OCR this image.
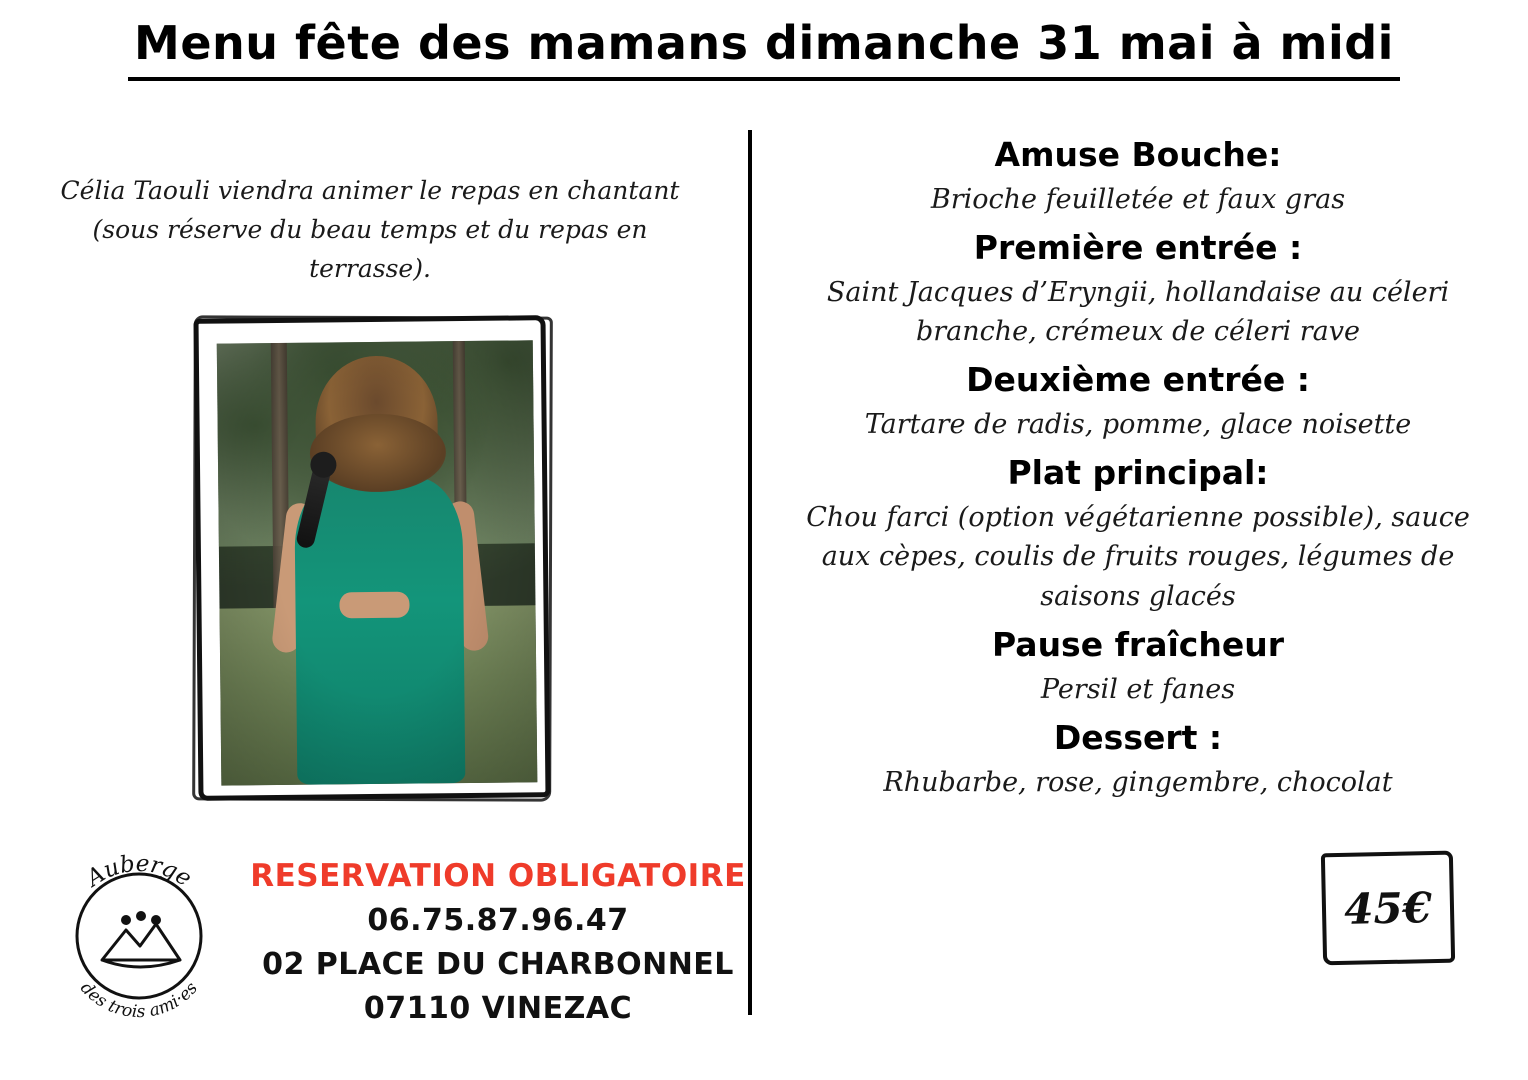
Menu fête des mamans dimanche 31 mai à midi
Célia Taouli viendra animer le repas en chantant (sous réserve du beau temps et du repas en terrasse).
Auberge
des trois ami·es
RESERVATION OBLIGATOIRE
06.75.87.96.47
02 PLACE DU CHARBONNEL
07110 VINEZAC
Amuse Bouche:
Brioche feuilletée et faux gras
Première entrée :
Saint Jacques d’Eryngii, hollandaise au céleri branche, crémeux de céleri rave
Deuxième entrée :
Tartare de radis, pomme, glace noisette
Plat principal:
Chou farci (option végétarienne possible), sauce aux cèpes, coulis de fruits rouges, légumes de saisons glacés
Pause fraîcheur
Persil et fanes
Dessert :
Rhubarbe, rose, gingembre, chocolat
45€
